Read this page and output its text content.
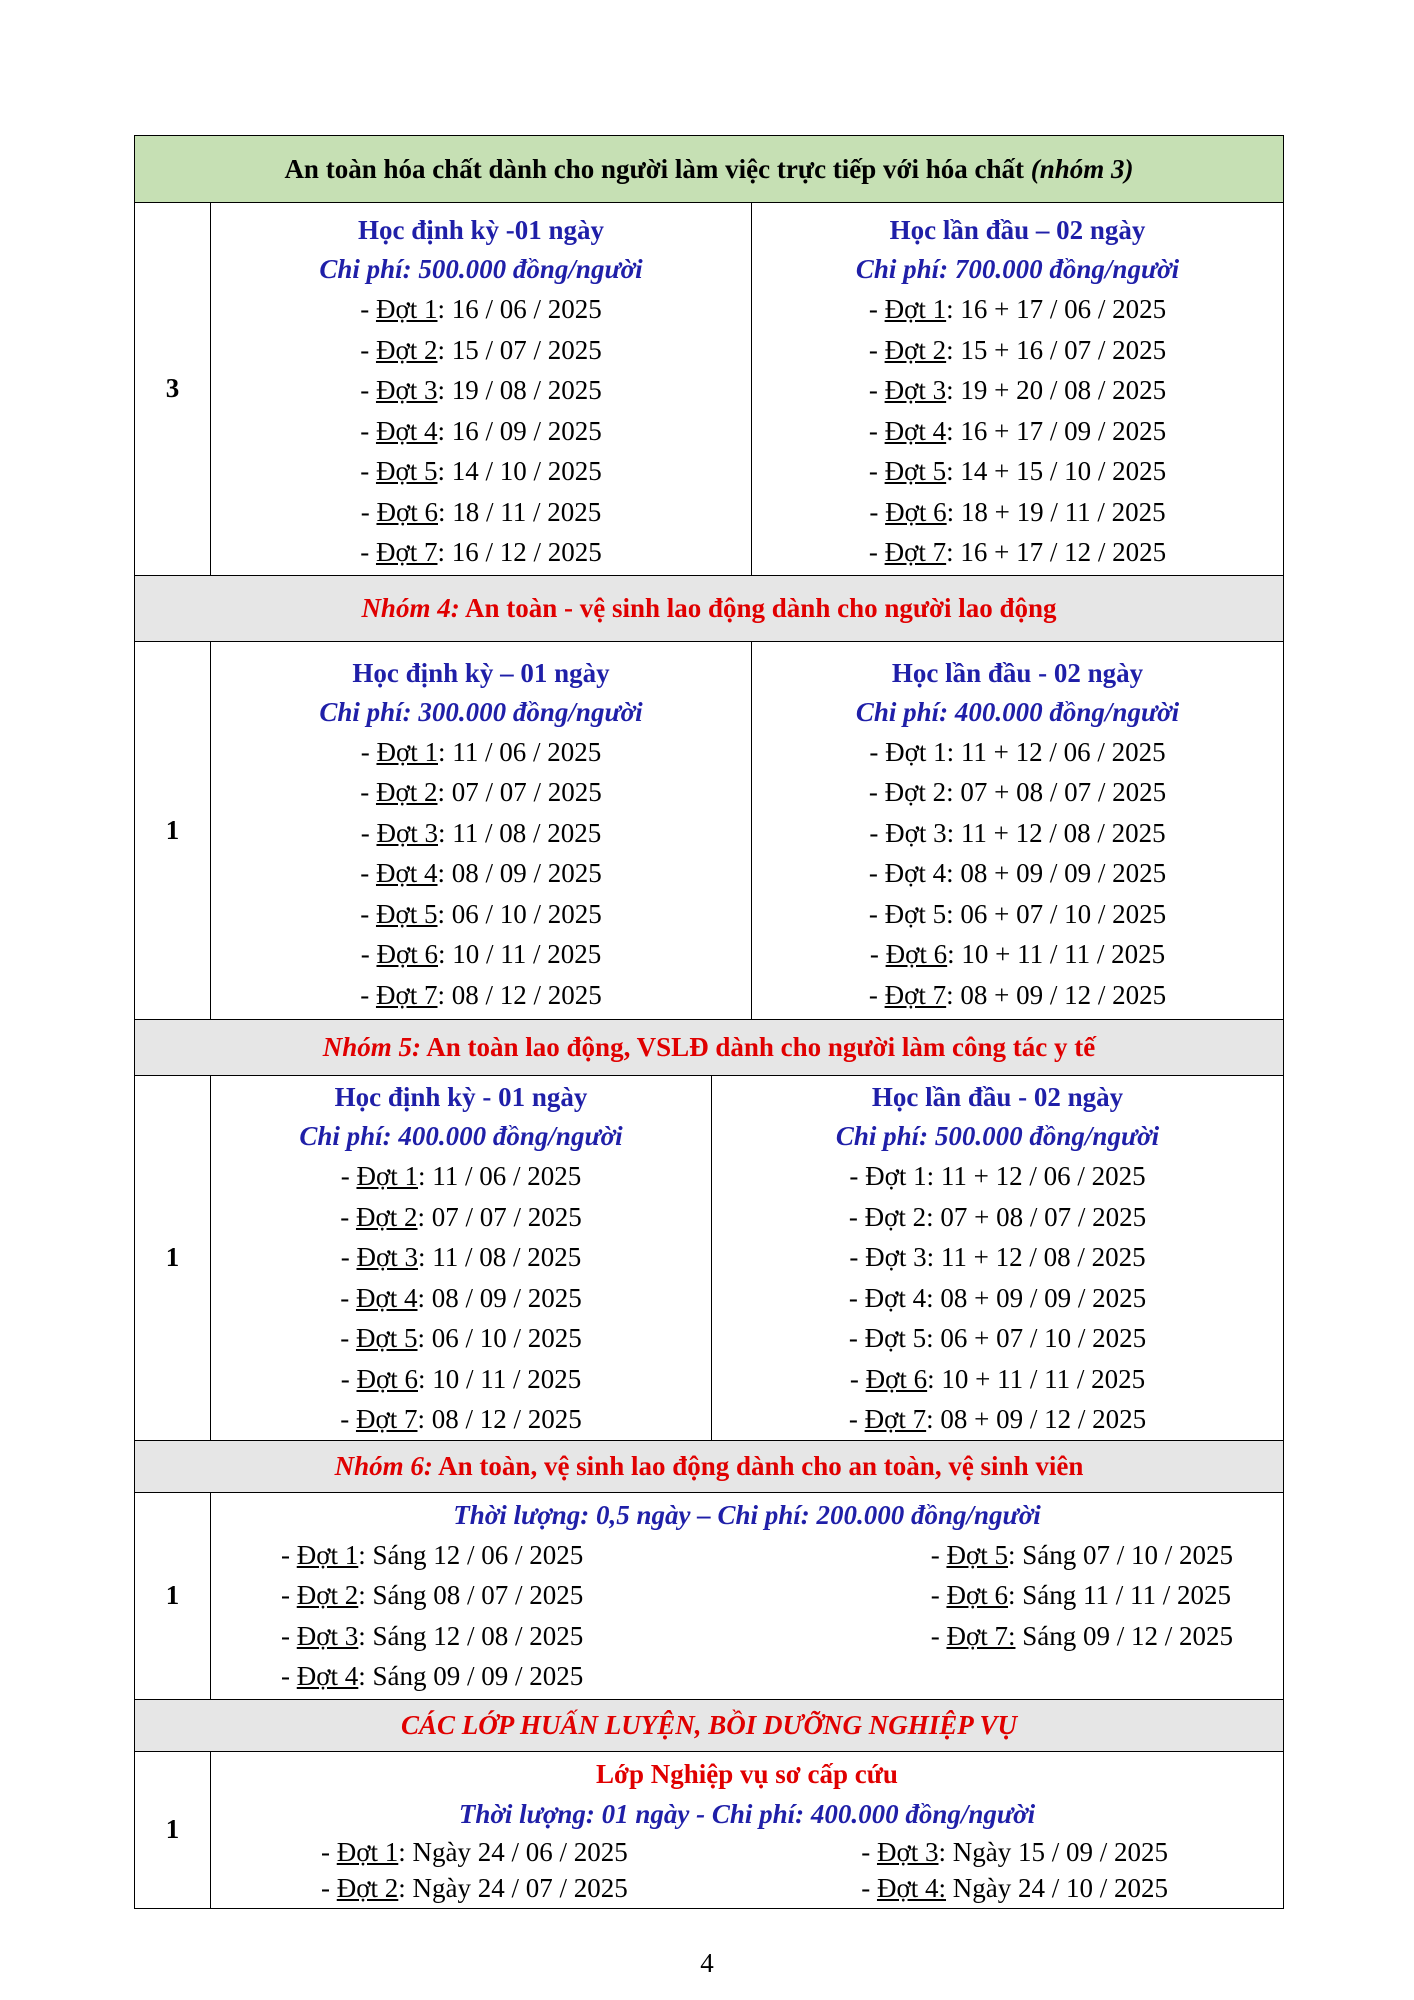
An toàn hóa chất dành cho người làm việc trực tiếp với hóa chất (nhóm 3)
3	
Học định kỳ -01 ngày
Chi phí: 500.000 đồng/người
- Đợt 1: 16 / 06 / 2025
- Đợt 2: 15 / 07 / 2025
- Đợt 3: 19 / 08 / 2025
- Đợt 4: 16 / 09 / 2025
- Đợt 5: 14 / 10 / 2025
- Đợt 6: 18 / 11 / 2025
- Đợt 7: 16 / 12 / 2025

Học lần đầu – 02 ngày
Chi phí: 700.000 đồng/người
- Đợt 1: 16 + 17 / 06 / 2025
- Đợt 2: 15 + 16 / 07 / 2025
- Đợt 3: 19 + 20 / 08 / 2025
- Đợt 4: 16 + 17 / 09 / 2025
- Đợt 5: 14 + 15 / 10 / 2025
- Đợt 6: 18 + 19 / 11 / 2025
- Đợt 7: 16 + 17 / 12 / 2025

Nhóm 4: An toàn - vệ sinh lao động dành cho người lao động
1	
Học định kỳ – 01 ngày
Chi phí: 300.000 đồng/người
- Đợt 1: 11 / 06 / 2025
- Đợt 2: 07 / 07 / 2025
- Đợt 3: 11 / 08 / 2025
- Đợt 4: 08 / 09 / 2025
- Đợt 5: 06 / 10 / 2025
- Đợt 6: 10 / 11 / 2025
- Đợt 7: 08 / 12 / 2025

Học lần đầu - 02 ngày
Chi phí: 400.000 đồng/người
- Đợt 1: 11 + 12 / 06 / 2025
- Đợt 2: 07 + 08 / 07 / 2025
- Đợt 3: 11 + 12 / 08 / 2025
- Đợt 4: 08 + 09 / 09 / 2025
- Đợt 5: 06 + 07 / 10 / 2025
- Đợt 6: 10 + 11 / 11 / 2025
- Đợt 7: 08 + 09 / 12 / 2025

Nhóm 5: An toàn lao động, VSLĐ dành cho người làm công tác y tế
1	
Học định kỳ - 01 ngày
Chi phí: 400.000 đồng/người
- Đợt 1: 11 / 06 / 2025
- Đợt 2: 07 / 07 / 2025
- Đợt 3: 11 / 08 / 2025
- Đợt 4: 08 / 09 / 2025
- Đợt 5: 06 / 10 / 2025
- Đợt 6: 10 / 11 / 2025
- Đợt 7: 08 / 12 / 2025

Học lần đầu - 02 ngày
Chi phí: 500.000 đồng/người
- Đợt 1: 11 + 12 / 06 / 2025
- Đợt 2: 07 + 08 / 07 / 2025
- Đợt 3: 11 + 12 / 08 / 2025
- Đợt 4: 08 + 09 / 09 / 2025
- Đợt 5: 06 + 07 / 10 / 2025
- Đợt 6: 10 + 11 / 11 / 2025
- Đợt 7: 08 + 09 / 12 / 2025

Nhóm 6: An toàn, vệ sinh lao động dành cho an toàn, vệ sinh viên
1	
Thời lượng: 0,5 ngày – Chi phí: 200.000 đồng/người
- Đợt 1: Sáng 12 / 06 / 2025
- Đợt 2: Sáng 08 / 07 / 2025
- Đợt 3: Sáng 12 / 08 / 2025
- Đợt 4: Sáng 09 / 09 / 2025
- Đợt 5: Sáng 07 / 10 / 2025
- Đợt 6: Sáng 11 / 11 / 2025
- Đợt 7: Sáng 09 / 12 / 2025

CÁC LỚP HUẤN LUYỆN, BỒI DƯỠNG NGHIỆP VỤ
1	
Lớp Nghiệp vụ sơ cấp cứu
Thời lượng: 01 ngày - Chi phí: 400.000 đồng/người
- Đợt 1: Ngày 24 / 06 / 2025
- Đợt 2: Ngày 24 / 07 / 2025
- Đợt 3: Ngày 15 / 09 / 2025
- Đợt 4: Ngày 24 / 10 / 2025
4
